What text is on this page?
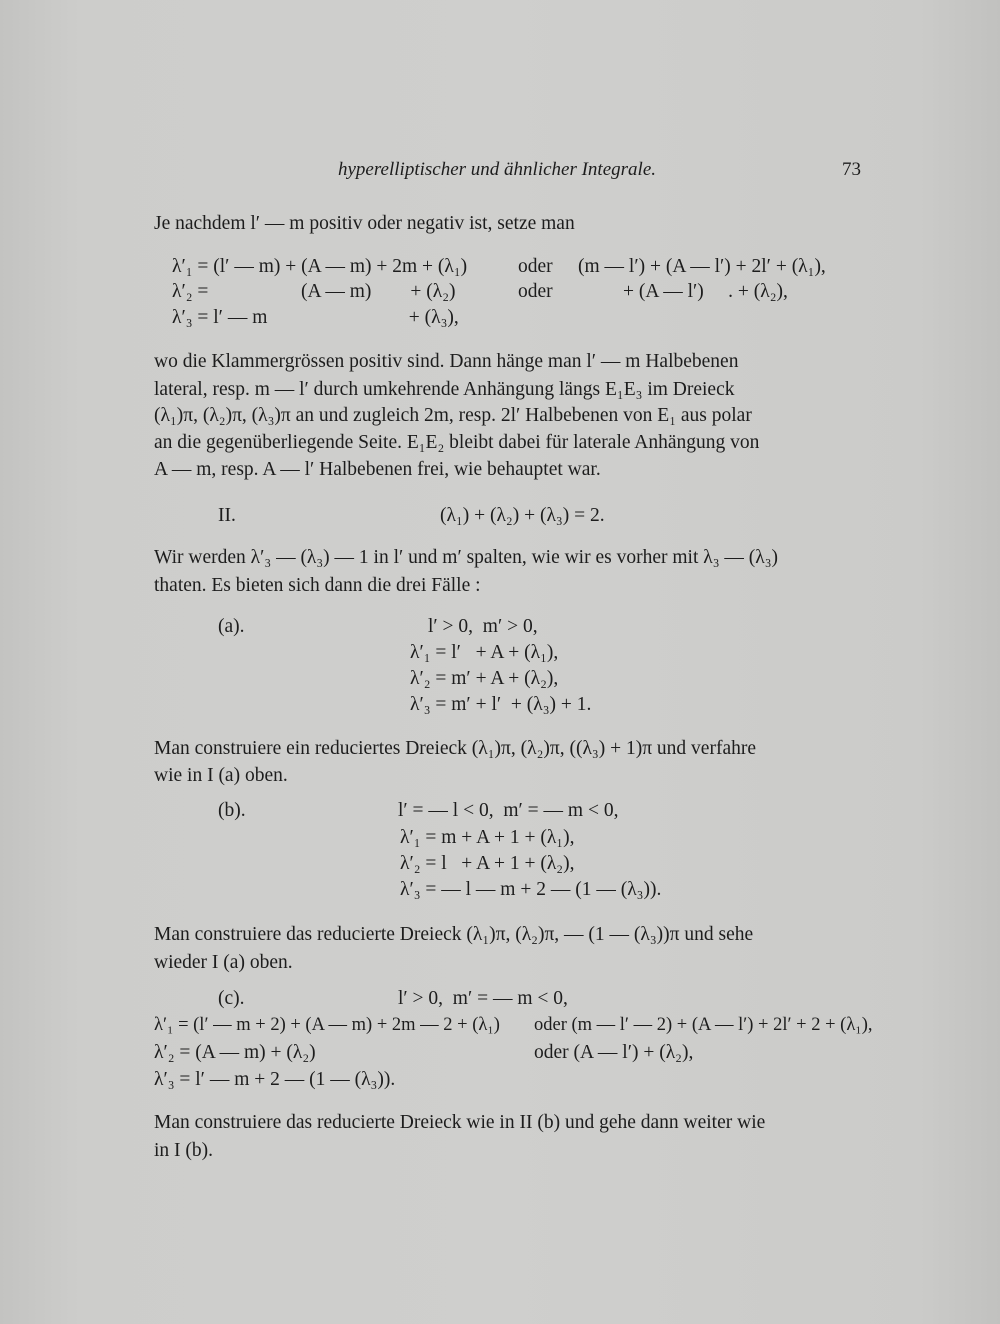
hyperelliptischer und ähnlicher Integrale.	73
Je nachdem l′ — m positiv oder negativ ist, setze man
λ′₁ = (l′ — m) + (A — m) + 2m + (λ₁)	oder (m — l′) + (A — l′) + 2l′ + (λ₁),
λ′₂ =                   (A — m)        + (λ₂)	oder	+ (A — l′)     . + (λ₂),
λ′₃ = l′ — m                             + (λ₃),
wo die Klammergrössen positiv sind. Dann hänge man l′ — m Halbebenen
lateral, resp. m — l′ durch umkehrende Anhängung längs E₁E₃ im Dreieck
(λ₁)π, (λ₂)π, (λ₃)π an und zugleich 2m, resp. 2l′ Halbebenen von E₁ aus polar
an die gegenüberliegende Seite. E₁E₂ bleibt dabei für laterale Anhängung von
A — m, resp. A — l′ Halbebenen frei, wie behauptet war.
II.	(λ₁) + (λ₂) + (λ₃) = 2.
Wir werden λ′₃ — (λ₃) — 1 in l′ und m′ spalten, wie wir es vorher mit λ₃ — (λ₃)
thaten. Es bieten sich dann die drei Fälle :
(a).	l′ > 0,  m′ > 0,
λ′₁ = l′   + A + (λ₁),
λ′₂ = m′ + A + (λ₂),
λ′₃ = m′ + l′  + (λ₃) + 1.
Man construiere ein reduciertes Dreieck (λ₁)π, (λ₂)π, ((λ₃) + 1)π und verfahre
wie in I (a) oben.
(b).	l′ = — l < 0,  m′ = — m < 0,
λ′₁ = m + A + 1 + (λ₁),
λ′₂ = l   + A + 1 + (λ₂),
λ′₃ = — l — m + 2 — (1 — (λ₃)).
Man construiere das reducierte Dreieck (λ₁)π, (λ₂)π, — (1 — (λ₃))π und sehe
wieder I (a) oben.
(c).	l′ > 0,  m′ = — m < 0,
λ′₁ = (l′ — m + 2) + (A — m) + 2m — 2 + (λ₁) oder (m — l′ — 2) + (A — l′) + 2l′ + 2 + (λ₁),
λ′₂ = (A — m) + (λ₂)	oder (A — l′) + (λ₂),
λ′₃ = l′ — m + 2 — (1 — (λ₃)).
Man construiere das reducierte Dreieck wie in II (b) und gehe dann weiter wie
in I (b).
